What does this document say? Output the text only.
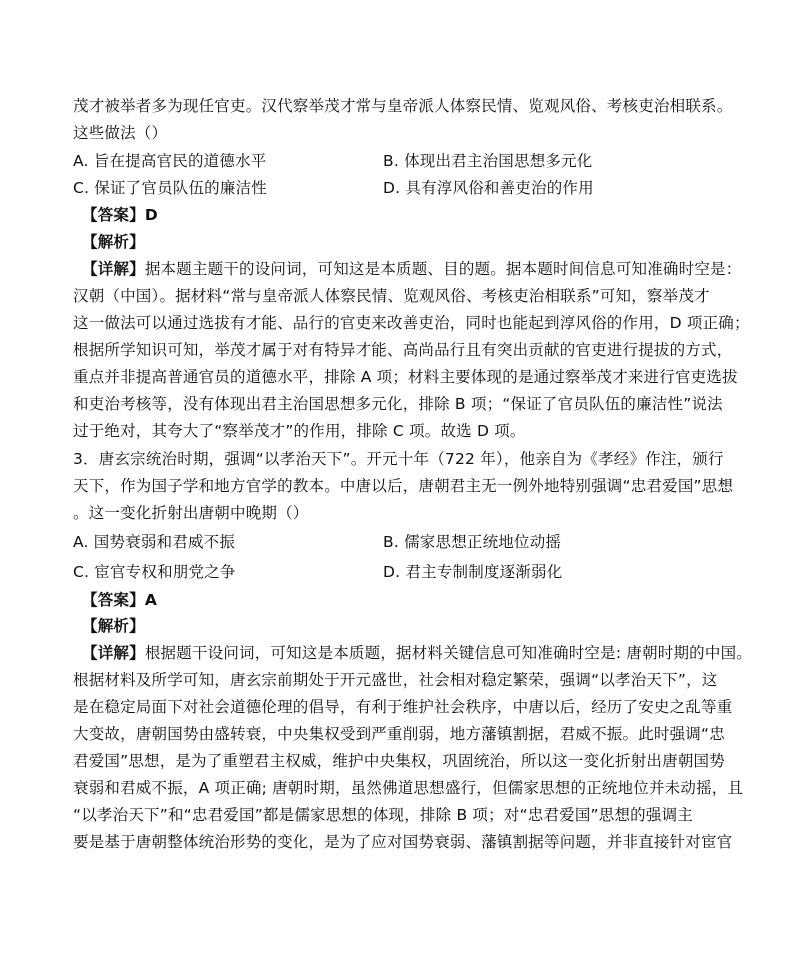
茂才被举者多为现任官吏。汉代察举茂才常与皇帝派人体察民情、览观风俗、考核吏治相联系。
这些做法（）
A. 旨在提高官民的道德水平	B. 体现出君主治国思想多元化
C. 保证了官员队伍的廉洁性	D. 具有淳风俗和善吏治的作用
【答案】D
【解析】
【详解】据本题主题干的设问词，可知这是本质题、目的题。据本题时间信息可知准确时空是：
汉朝（中国）。据材料“常与皇帝派人体察民情、览观风俗、考核吏治相联系”可知，察举茂才
这一做法可以通过选拔有才能、品行的官吏来改善吏治，同时也能起到淳风俗的作用，D 项正确；
根据所学知识可知，举茂才属于对有特异才能、高尚品行且有突出贡献的官吏进行提拔的方式，
重点并非提高普通官员的道德水平，排除 A 项；材料主要体现的是通过察举茂才来进行官吏选拔
和吏治考核等，没有体现出君主治国思想多元化，排除 B 项；“保证了官员队伍的廉洁性”说法
过于绝对，其夸大了“察举茂才”的作用，排除 C 项。故选 D 项。
3．唐玄宗统治时期，强调“以孝治天下”。开元十年（722 年），他亲自为《孝经》作注，颁行
天下，作为国子学和地方官学的教本。中唐以后，唐朝君主无一例外地特别强调“忠君爱国”思想
。这一变化折射出唐朝中晚期（）
A. 国势衰弱和君威不振	B. 儒家思想正统地位动摇
C. 宦官专权和朋党之争	D. 君主专制制度逐渐弱化
【答案】A
【解析】
【详解】根据题干设问词，可知这是本质题，据材料关键信息可知准确时空是: 唐朝时期的中国。
根据材料及所学可知，唐玄宗前期处于开元盛世，社会相对稳定繁荣，强调“以孝治天下”，这
是在稳定局面下对社会道德伦理的倡导，有利于维护社会秩序，中唐以后，经历了安史之乱等重
大变故，唐朝国势由盛转衰，中央集权受到严重削弱，地方藩镇割据，君威不振。此时强调“忠
君爱国”思想，是为了重塑君主权威，维护中央集权，巩固统治，所以这一变化折射出唐朝国势
衰弱和君威不振，A 项正确; 唐朝时期，虽然佛道思想盛行，但儒家思想的正统地位并未动摇，且
“以孝治天下”和“忠君爱国”都是儒家思想的体现，排除 B 项；对“忠君爱国”思想的强调主
要是基于唐朝整体统治形势的变化，是为了应对国势衰弱、藩镇割据等问题，并非直接针对宦官
